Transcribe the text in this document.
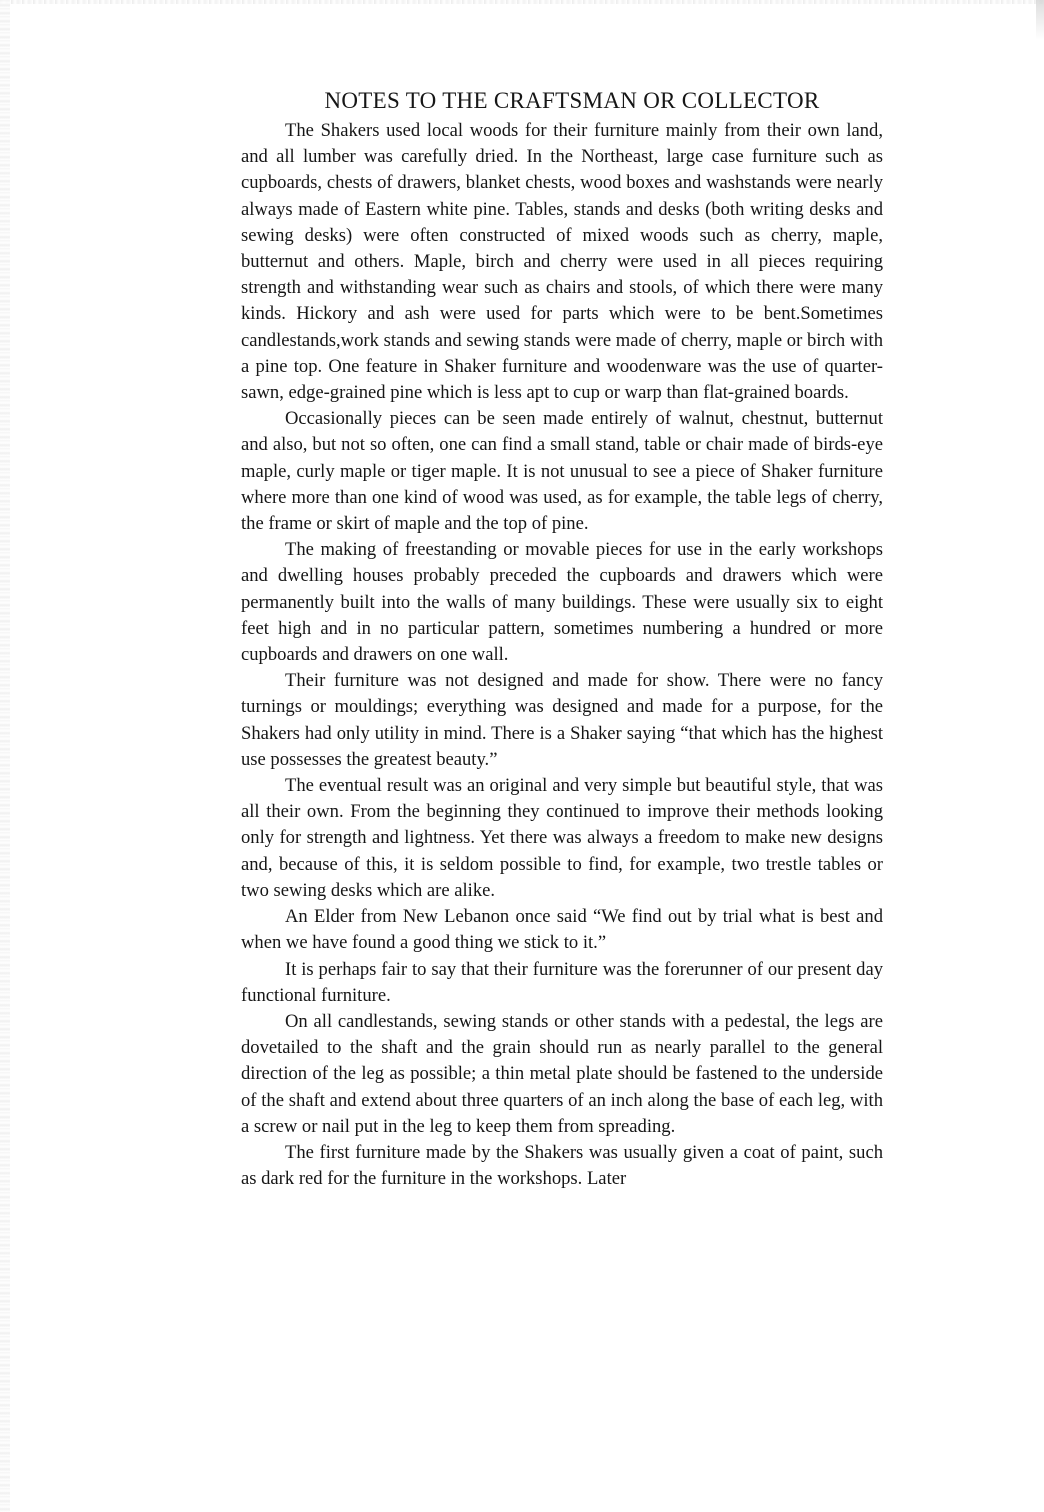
NOTES TO THE CRAFTSMAN OR COLLECTOR

The Shakers used local woods for their furniture mainly from their own land, and all lumber was carefully dried. In the Northeast, large case furniture such as cupboards, chests of drawers, blanket chests, wood boxes and washstands were nearly always made of Eastern white pine. Tables, stands and desks (both writing desks and sewing desks) were often constructed of mixed woods such as cherry, maple, butternut and others. Maple, birch and cherry were used in all pieces requiring strength and withstanding wear such as chairs and stools, of which there were many kinds. Hickory and ash were used for parts which were to be bent.Sometimes candlestands,work stands and sewing stands were made of cherry, maple or birch with a pine top. One feature in Shaker furniture and woodenware was the use of quarter-sawn, edge-grained pine which is less apt to cup or warp than flat-grained boards.

Occasionally pieces can be seen made entirely of walnut, chestnut, butternut and also, but not so often, one can find a small stand, table or chair made of birds-eye maple, curly maple or tiger maple. It is not unusual to see a piece of Shaker furniture where more than one kind of wood was used, as for example, the table legs of cherry, the frame or skirt of maple and the top of pine.

The making of freestanding or movable pieces for use in the early workshops and dwelling houses probably preceded the cupboards and drawers which were permanently built into the walls of many buildings. These were usually six to eight feet high and in no particular pattern, sometimes numbering a hundred or more cupboards and drawers on one wall.

Their furniture was not designed and made for show. There were no fancy turnings or mouldings; everything was designed and made for a purpose, for the Shakers had only utility in mind. There is a Shaker saying “that which has the highest use possesses the greatest beauty.”

The eventual result was an original and very simple but beautiful style, that was all their own. From the beginning they continued to improve their methods looking only for strength and lightness. Yet there was always a freedom to make new designs and, because of this, it is seldom possible to find, for example, two trestle tables or two sewing desks which are alike.

An Elder from New Lebanon once said “We find out by trial what is best and when we have found a good thing we stick to it.”

It is perhaps fair to say that their furniture was the forerunner of our present day functional furniture.

On all candlestands, sewing stands or other stands with a pedestal, the legs are dovetailed to the shaft and the grain should run as nearly parallel to the general direction of the leg as possible; a thin metal plate should be fastened to the underside of the shaft and extend about three quarters of an inch along the base of each leg, with a screw or nail put in the leg to keep them from spreading.

The first furniture made by the Shakers was usually given a coat of paint, such as dark red for the furniture in the workshops. Later
